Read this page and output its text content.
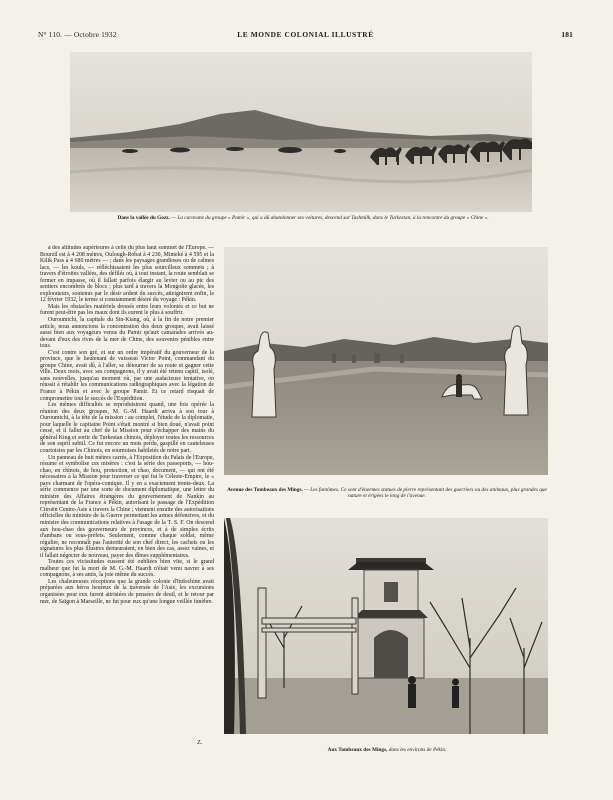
N° 110. — Octobre 1932	LE MONDE COLONIAL ILLUSTRÉ	181
Dans la vallée du Gozz. — La caravane du groupe « Pamir », qui a dû abandonner ses voitures, descend sur Tashmilk, dans le Turkestan, à la rencontre du groupe « Chine ».
Avenue des Tombeaux des Mings. — Les fantômes. Ce sont d'énormes statues de pierre représentant des guerriers ou des animaux, plus grandes que nature et érigées le long de l'avenue.
Aux Tombeaux des Mings, dans les environs de Pékin.

à des altitudes supérieures à celle du plus haut sommet de l'Europe. — Bourzil est à 4 208 mètres, Oulough-Robat à 4 230, Minteké à 4 595 et la Kilik Pass à 4 680 mètres — ; dans les paysages grandioses ou de calmes lacs, — les kouls, — réfléchissaient les plus sourcilleux sommets ; à travers d'étroites vallées, des défilés où, à tout instant, la route semblait se fermer en impasse, où il fallait parfois élargir au levier ou au pic des sentiers encombrés de blocs ; plus tard à travers la Mongolie glacée, les explorateurs, soutenus par le désir ardent du succès, atteignirent enfin, le 12 février 1932, le terme si constamment désiré du voyage : Pékin.

Mais les obstacles matériels dressés entre leurs volontés et ce but ne furent peut-être pas les maux dont ils eurent le plus à souffrir.

Ouroumtchi, la capitale du Sin-Kiang, où, à la fin de notre premier article, nous annoncions la concentration des deux groupes, avait laissé aussi bien aux voyageurs venus du Pamir qu'aux camarades arrivés au-devant d'eux des rives de la mer de Chine, des souvenirs pénibles entre tous.

C'est contre son gré, et sur un ordre impératif du gouverneur de la province, que le lieutenant de vaisseau Victor Point, commandant du groupe Chine, avait dû, à l'aller, se détourner de sa route et gagner cette ville. Deux mois, avec ses compagnons, il y avait été retenu captif, isolé, sans nouvelles, jusqu'au moment où, par une audacieuse tentative, on réussit à rétablir les communications radiographiques avec la légation de France à Pékin et avec le groupe Pamir. Et ce retard risquait de compromettre tout le succès de l'Expédition.

Les mêmes difficultés se reproduisirent quand, une fois opérée la réunion des deux groupes, M. G.-M. Haardt arriva à son tour à Ouroumtchi, à la tête de la mission : au complet, l'étude de la diplomatie, pour laquelle le capitaine Point s'était montré si bien doué, n'avait point cessé, et il fallut au chef de la Mission pour s'échapper des mains du général King et sortir du Turkestan chinois, déployer toutes les ressources de son esprit subtil. Ce fut encore un mois perdu, gaspillé en cauteleuses courtoisies par les Chinois, en sournoises habiletés de notre part.

Un panneau de huit mètres carrés, à l'Exposition du Palais de l'Europe, résume et symbolise ces misères : c'est la série des passeports, — hou-chao, en chinois, de hou, protection, et chao, document, — qui ont été nécessaires à la Mission pour traverser ce qui fut le Céleste-Empire, le « pays charmant de l'opéra-comique. Il y en a exactement trente-deux. La série commence par une sorte de document diplomatique, une lettre du ministre des Affaires étrangères du gouvernement de Nankin au représentant de la France à Pékin, autorisant le passage de l'Expédition Citroën Centre-Asie à travers la Chine ; viennent ensuite des autorisations officielles du ministre de la Guerre permettant les armes défensives, et du ministre des communications relatives à l'usage de la T. S. F. On descend aux hou-chao des gouverneurs de provinces, et à de simples écrits d'ambans ou sous-préfets. Seulement, comme chaque soldat, même régulier, ne reconnaît pas l'autorité de son chef direct, les cachets ou les signatures les plus illustres demeuraient, en bien des cas, assez vaines, et il fallait négocier de nouveau, payer des dîmes supplémentaires.

Toutes ces vicissitudes eussent été oubliées bien vite, si le grand malheur que fut la mort de M. G.-M. Haardt n'était venu navrer à ses compagnons, à ses amis, la joie même du succès.

Les chaleureuses réceptions que la grande colonie d'Indochine avait préparées aux héros heureux de la traversée de l'Asie, les excursions organisées pour eux furent attristées de pensées de deuil, et le retour par mer, de Saïgon à Marseille, ne fut pour eux qu'une longue veillée funèbre.

Z.
